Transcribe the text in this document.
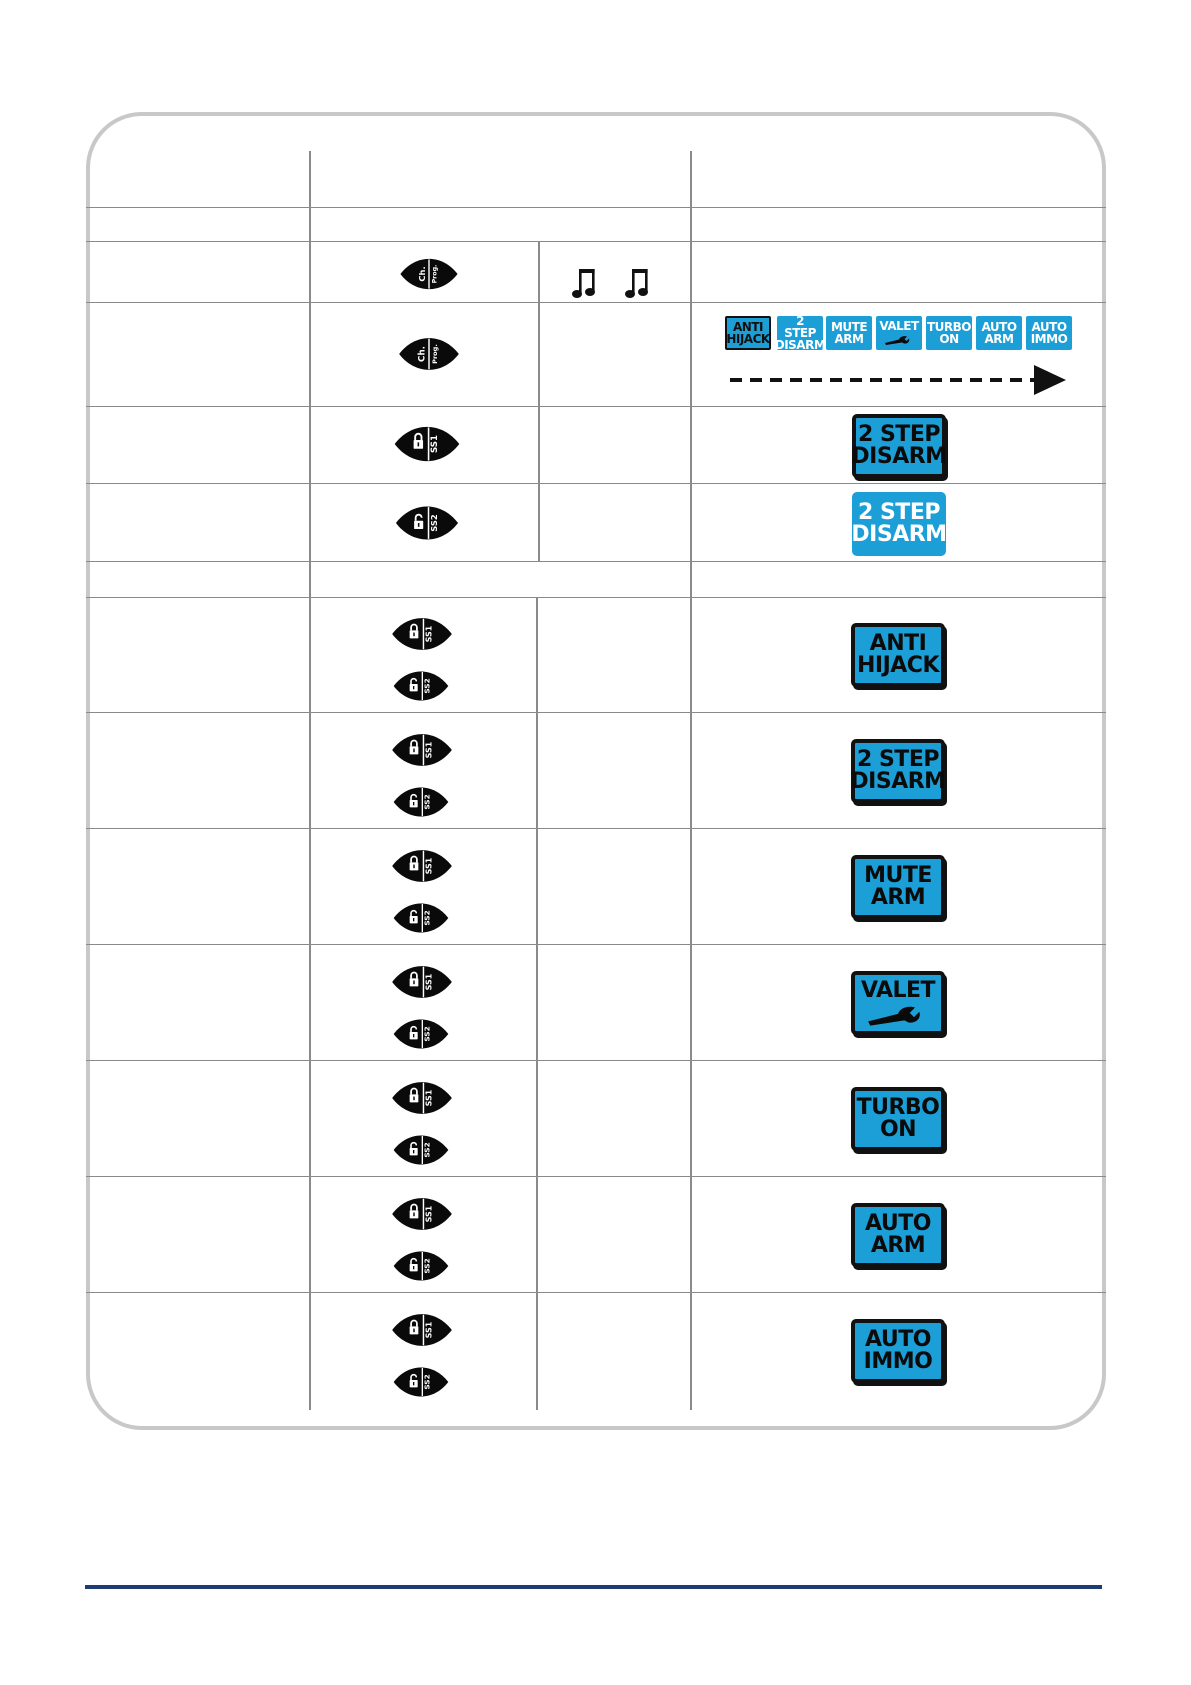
ANTI
HIJACK
2 STEP
DISARM
MUTE
ARM
VALET TURBO
ON
AUTO
ARM
AUTO
IMMO
2 STEP
DISARM
2 STEP
DISARM
ANTI
HIJACK
2 STEP
DISARM
MUTE
ARM
VALET
TURBO
ON
AUTO
ARM
AUTO
IMMO
